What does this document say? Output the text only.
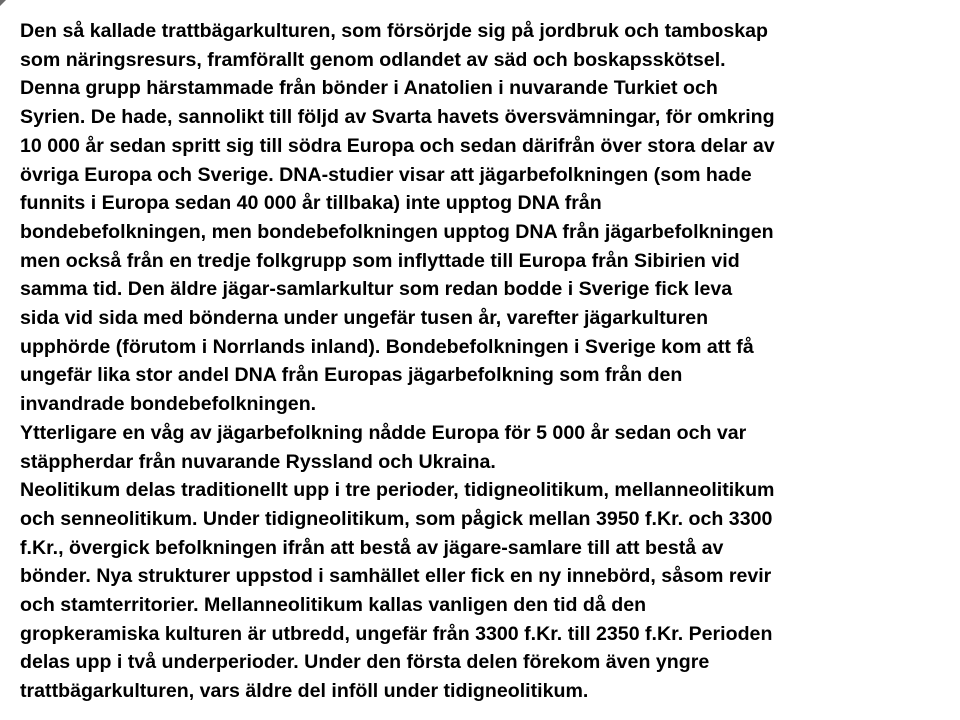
Den så kallade trattbägarkulturen, som försörjde sig på jordbruk och tamboskap
som näringsresurs, framförallt genom odlandet av säd och boskapsskötsel.
Denna grupp härstammade från bönder i Anatolien i nuvarande Turkiet och
Syrien. De hade, sannolikt till följd av Svarta havets översvämningar, för omkring
10 000 år sedan spritt sig till södra Europa och sedan därifrån över stora delar av
övriga Europa och Sverige. DNA-studier visar att jägarbefolkningen (som hade
funnits i Europa sedan 40 000 år tillbaka) inte upptog DNA från
bondebefolkningen, men bondebefolkningen upptog DNA från jägarbefolkningen
men också från en tredje folkgrupp som inflyttade till Europa från Sibirien vid
samma tid. Den äldre jägar-samlarkultur som redan bodde i Sverige fick leva
sida vid sida med bönderna under ungefär tusen år, varefter jägarkulturen
upphörde (förutom i Norrlands inland). Bondebefolkningen i Sverige kom att få
ungefär lika stor andel DNA från Europas jägarbefolkning som från den
invandrade bondebefolkningen.
Ytterligare en våg av jägarbefolkning nådde Europa för 5 000 år sedan och var
stäppherdar från nuvarande Ryssland och Ukraina.
Neolitikum delas traditionellt upp i tre perioder, tidigneolitikum, mellanneolitikum
och senneolitikum. Under tidigneolitikum, som pågick mellan 3950 f.Kr. och 3300
f.Kr., övergick befolkningen ifrån att bestå av jägare-samlare till att bestå av
bönder. Nya strukturer uppstod i samhället eller fick en ny innebörd, såsom revir
och stamterritorier. Mellanneolitikum kallas vanligen den tid då den
gropkeramiska kulturen är utbredd, ungefär från 3300 f.Kr. till 2350 f.Kr. Perioden
delas upp i två underperioder. Under den första delen förekom även yngre
trattbägarkulturen, vars äldre del inföll under tidigneolitikum.
